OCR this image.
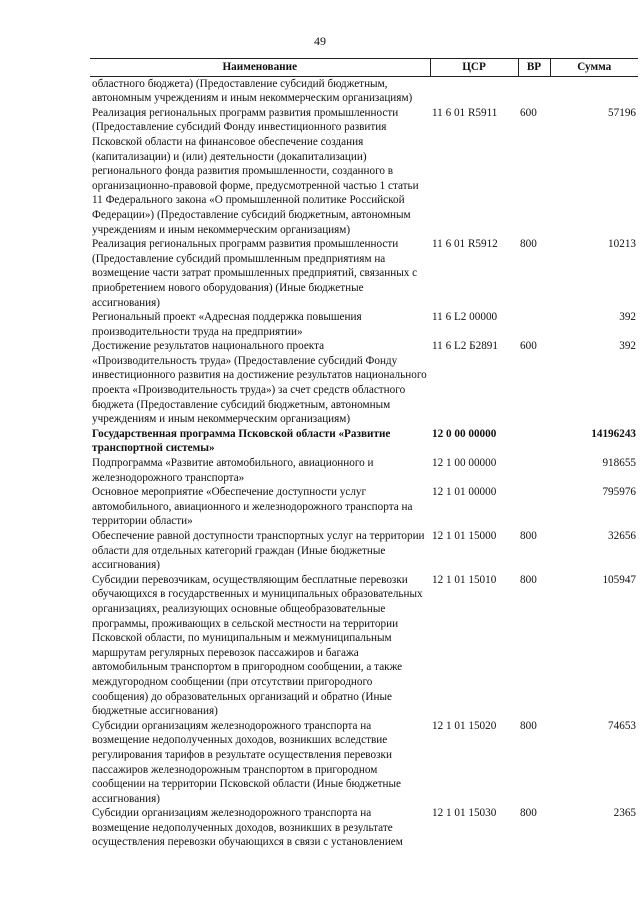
49
Наименование	ЦСР	ВР	Сумма
областного бюджета) (Предоставление субсидий бюджетным, автономным учреждениям и иным некоммерческим организациям)			
Реализация региональных программ развития промышленности (Предоставление субсидий Фонду инвестиционного развития Псковской области на финансовое обеспечение создания (капитализации) и (или) деятельности (докапитализации) регионального фонда развития промышленности, созданного в организационно-правовой форме, предусмотренной частью 1 статьи 11 Федерального закона «О промышленной политике Российской Федерации») (Предоставление субсидий бюджетным, автономным учреждениям и иным некоммерческим организациям)	11 6 01 R5911	600	57196
Реализация региональных программ развития промышленности (Предоставление субсидий промышленным предприятиям на возмещение части затрат промышленных предприятий, связанных с приобретением нового оборудования) (Иные бюджетные ассигнования)	11 6 01 R5912	800	10213
Региональный проект «Адресная поддержка повышения производительности труда на предприятии»	11 6 L2 00000		392
Достижение результатов национального проекта «Производительность труда» (Предоставление субсидий Фонду инвестиционного развития на достижение результатов национального проекта «Производительность труда») за счет средств областного бюджета (Предоставление субсидий бюджетным, автономным учреждениям и иным некоммерческим организациям)	11 6 L2 Б2891	600	392
Государственная программа Псковской области «Развитие транспортной системы»	12 0 00 00000		14196243
Подпрограмма «Развитие автомобильного, авиационного и железнодорожного транспорта»	12 1 00 00000		918655
Основное мероприятие «Обеспечение доступности услуг автомобильного, авиационного и железнодорожного транспорта на территории области»	12 1 01 00000		795976
Обеспечение равной доступности транспортных услуг на территории области для отдельных категорий граждан (Иные бюджетные ассигнования)	12 1 01 15000	800	32656
Субсидии перевозчикам, осуществляющим бесплатные перевозки обучающихся в государственных и муниципальных образовательных организациях, реализующих основные общеобразовательные программы, проживающих в сельской местности на территории Псковской области, по муниципальным и межмуниципальным маршрутам регулярных перевозок пассажиров и багажа автомобильным транспортом в пригородном сообщении, а также междугородном сообщении (при отсутствии пригородного сообщения) до образовательных организаций и обратно (Иные бюджетные ассигнования)	12 1 01 15010	800	105947
Субсидии организациям железнодорожного транспорта на возмещение недополученных доходов, возникших вследствие регулирования тарифов в результате осуществления перевозки пассажиров железнодорожным транспортом в пригородном сообщении на территории Псковской области (Иные бюджетные ассигнования)	12 1 01 15020	800	74653
Субсидии организациям железнодорожного транспорта на возмещение недополученных доходов, возникших в результате осуществления перевозки обучающихся в связи с установлением	12 1 01 15030	800	2365
